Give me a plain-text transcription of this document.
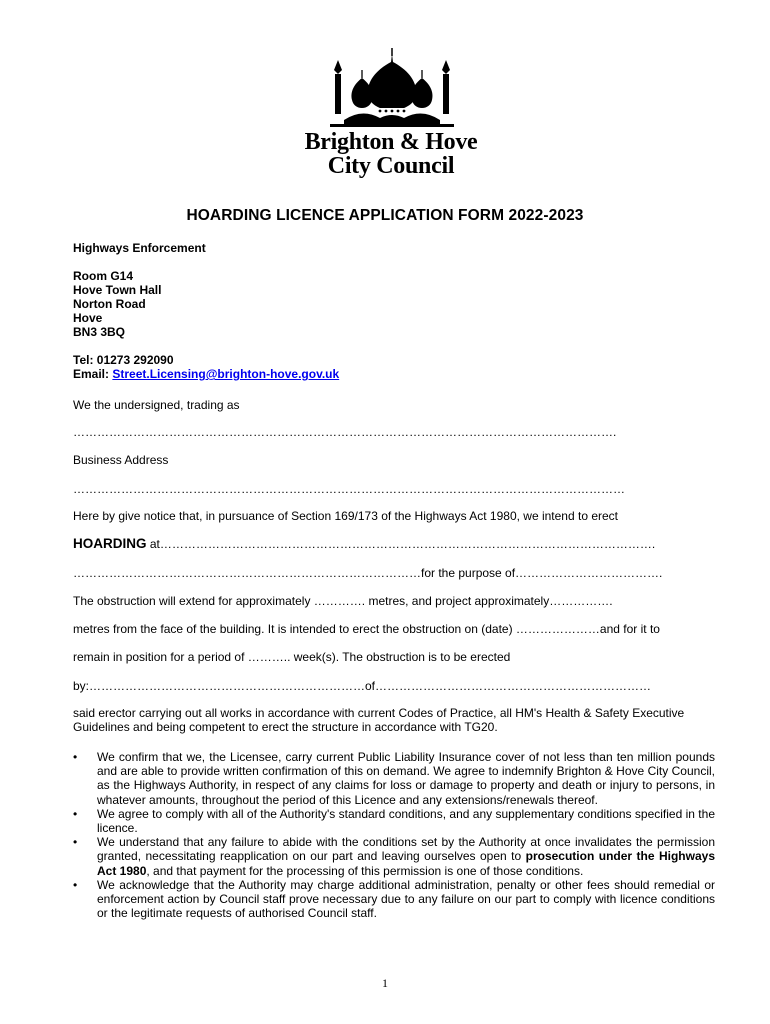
Brighton & Hove
City Council
HOARDING LICENCE APPLICATION FORM 2022-2023
Highways Enforcement
Room G14
Hove Town Hall
Norton Road
Hove
BN3 3BQ
Tel: 01273 292090
Email: Street.Licensing@brighton-hove.gov.uk
We the undersigned, trading as
……………………………………………………………………………………………………………………….
Business Address
…………………………………………………………………………………………………………………………
Here by give notice that, in pursuance of Section 169/173 of the Highways Act 1980, we intend to erect
HOARDING at…………………………………………………………………………………………………………….
……………………………………………………………………………for the purpose of……………………………….
The obstruction will extend for approximately …………. metres, and project approximately…………….
metres from the face of the building. It is intended to erect the obstruction on (date) …………………and for it to
remain in position for a period of ……….. week(s). The obstruction is to be erected
by:……………………………………………………………of……………………………………………………………
said erector carrying out all works in accordance with current Codes of Practice, all HM's Health & Safety Executive Guidelines and being competent to erect the structure in accordance with TG20.
• We confirm that we, the Licensee, carry current Public Liability Insurance cover of not less than ten million pounds and are able to provide written confirmation of this on demand. We agree to indemnify Brighton & Hove City Council, as the Highways Authority, in respect of any claims for loss or damage to property and death or injury to persons, in whatever amounts, throughout the period of this Licence and any extensions/renewals thereof.
• We agree to comply with all of the Authority's standard conditions, and any supplementary conditions specified in the licence.
• We understand that any failure to abide with the conditions set by the Authority at once invalidates the permission granted, necessitating reapplication on our part and leaving ourselves open to prosecution under the Highways Act 1980, and that payment for the processing of this permission is one of those conditions.
• We acknowledge that the Authority may charge additional administration, penalty or other fees should remedial or enforcement action by Council staff prove necessary due to any failure on our part to comply with licence conditions or the legitimate requests of authorised Council staff.
1
